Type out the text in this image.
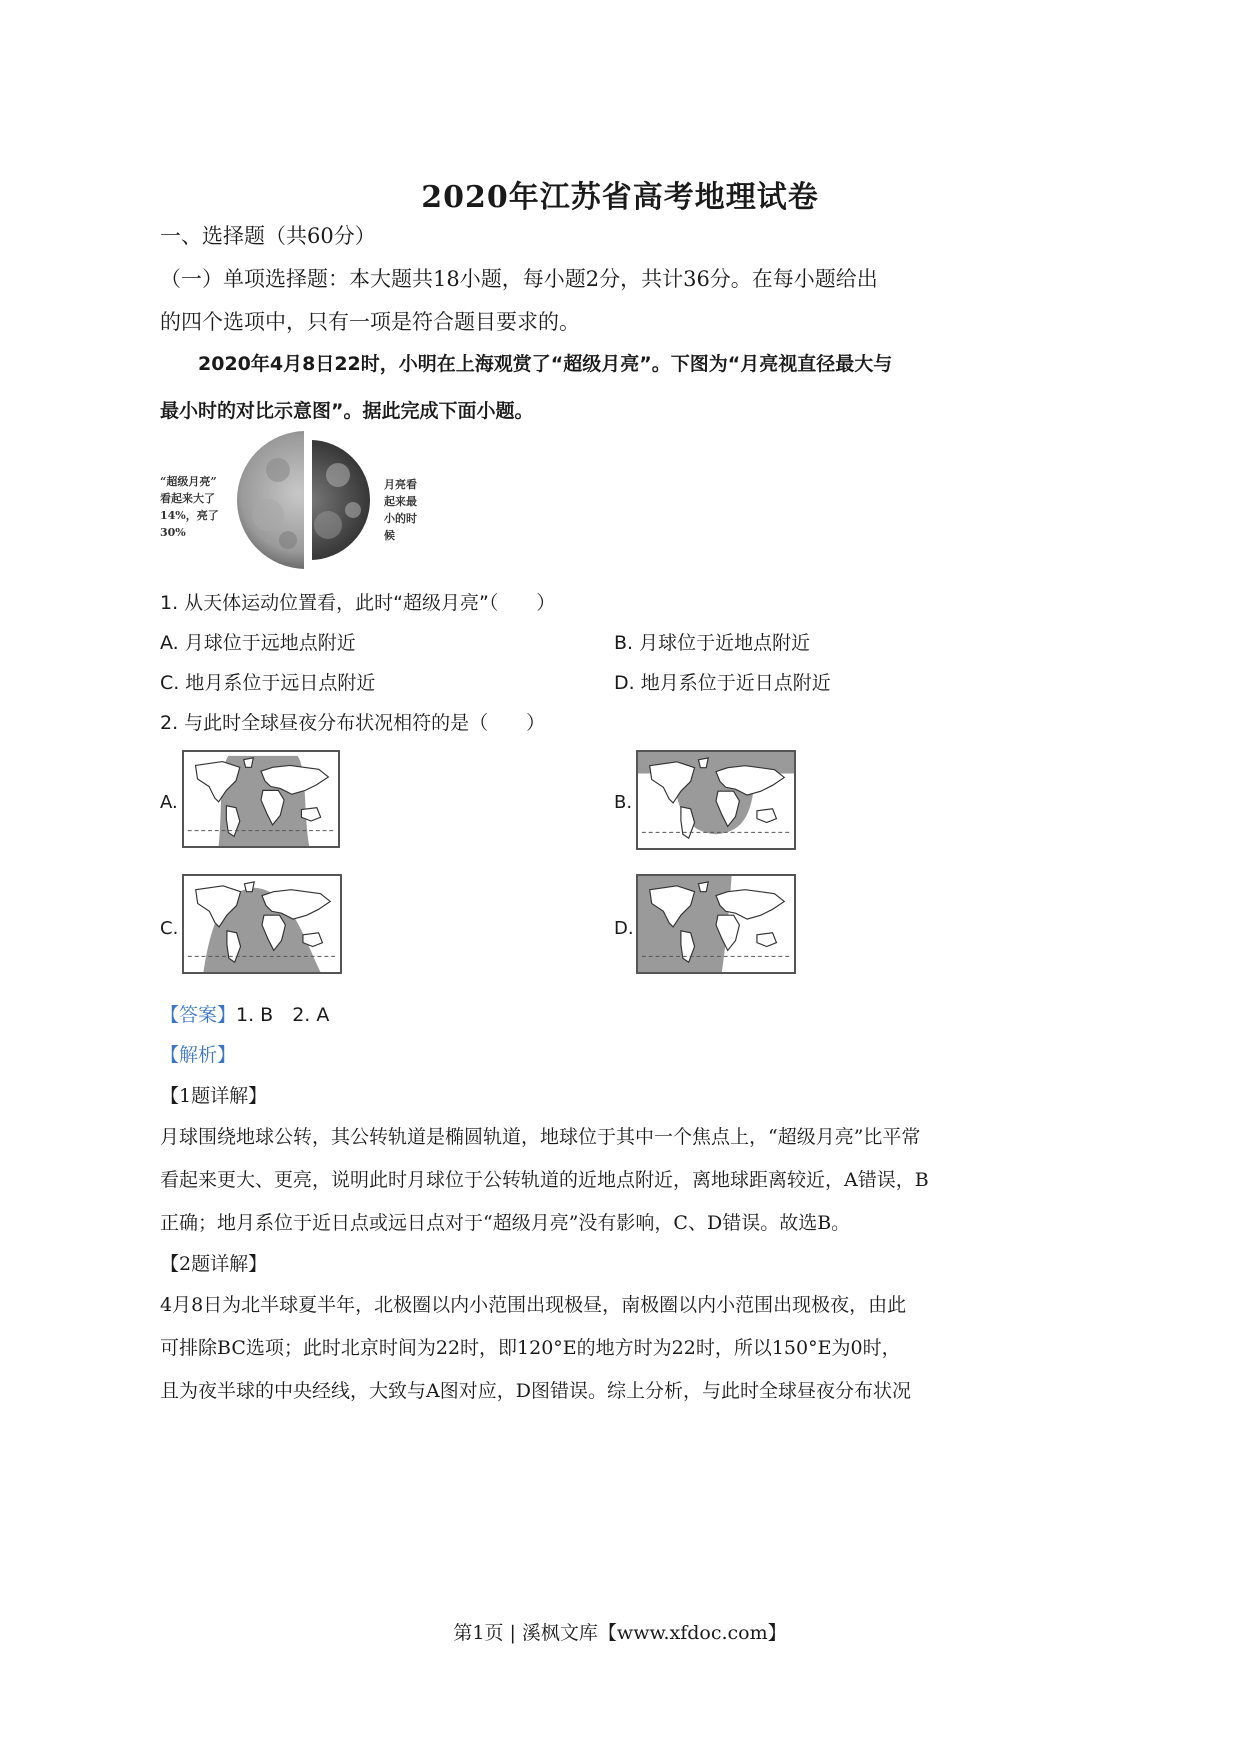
2020年江苏省高考地理试卷
一、选择题（共60分）
（一）单项选择题：本大题共18小题，每小题2分，共计36分。在每小题给出
的四个选项中，只有一项是符合题目要求的。
2020年4月8日22时，小明在上海观赏了“超级月亮”。下图为“月亮视直径最大与
最小时的对比示意图”。据此完成下面小题。
“超级月亮”
看起来大了
14%，亮了
30%
月亮看
起来最
小的时
候
1. 从天体运动位置看，此时“超级月亮”（　　）
A. 月球位于远地点附近	B. 月球位于近地点附近
C. 地月系位于远日点附近	D. 地月系位于近日点附近
2. 与此时全球昼夜分布状况相符的是（　　）
A.	B.
C.	D.
【答案】1. B　2. A
【解析】
【1题详解】
月球围绕地球公转，其公转轨道是椭圆轨道，地球位于其中一个焦点上，“超级月亮”比平常
看起来更大、更亮，说明此时月球位于公转轨道的近地点附近，离地球距离较近，A错误，B
正确；地月系位于近日点或远日点对于“超级月亮”没有影响，C、D错误。故选B。
【2题详解】
4月8日为北半球夏半年，北极圈以内小范围出现极昼，南极圈以内小范围出现极夜，由此
可排除BC选项；此时北京时间为22时，即120°E的地方时为22时，所以150°E为0时，
且为夜半球的中央经线，大致与A图对应，D图错误。综上分析，与此时全球昼夜分布状况
第1页 | 溪枫文库【www.xfdoc.com】
